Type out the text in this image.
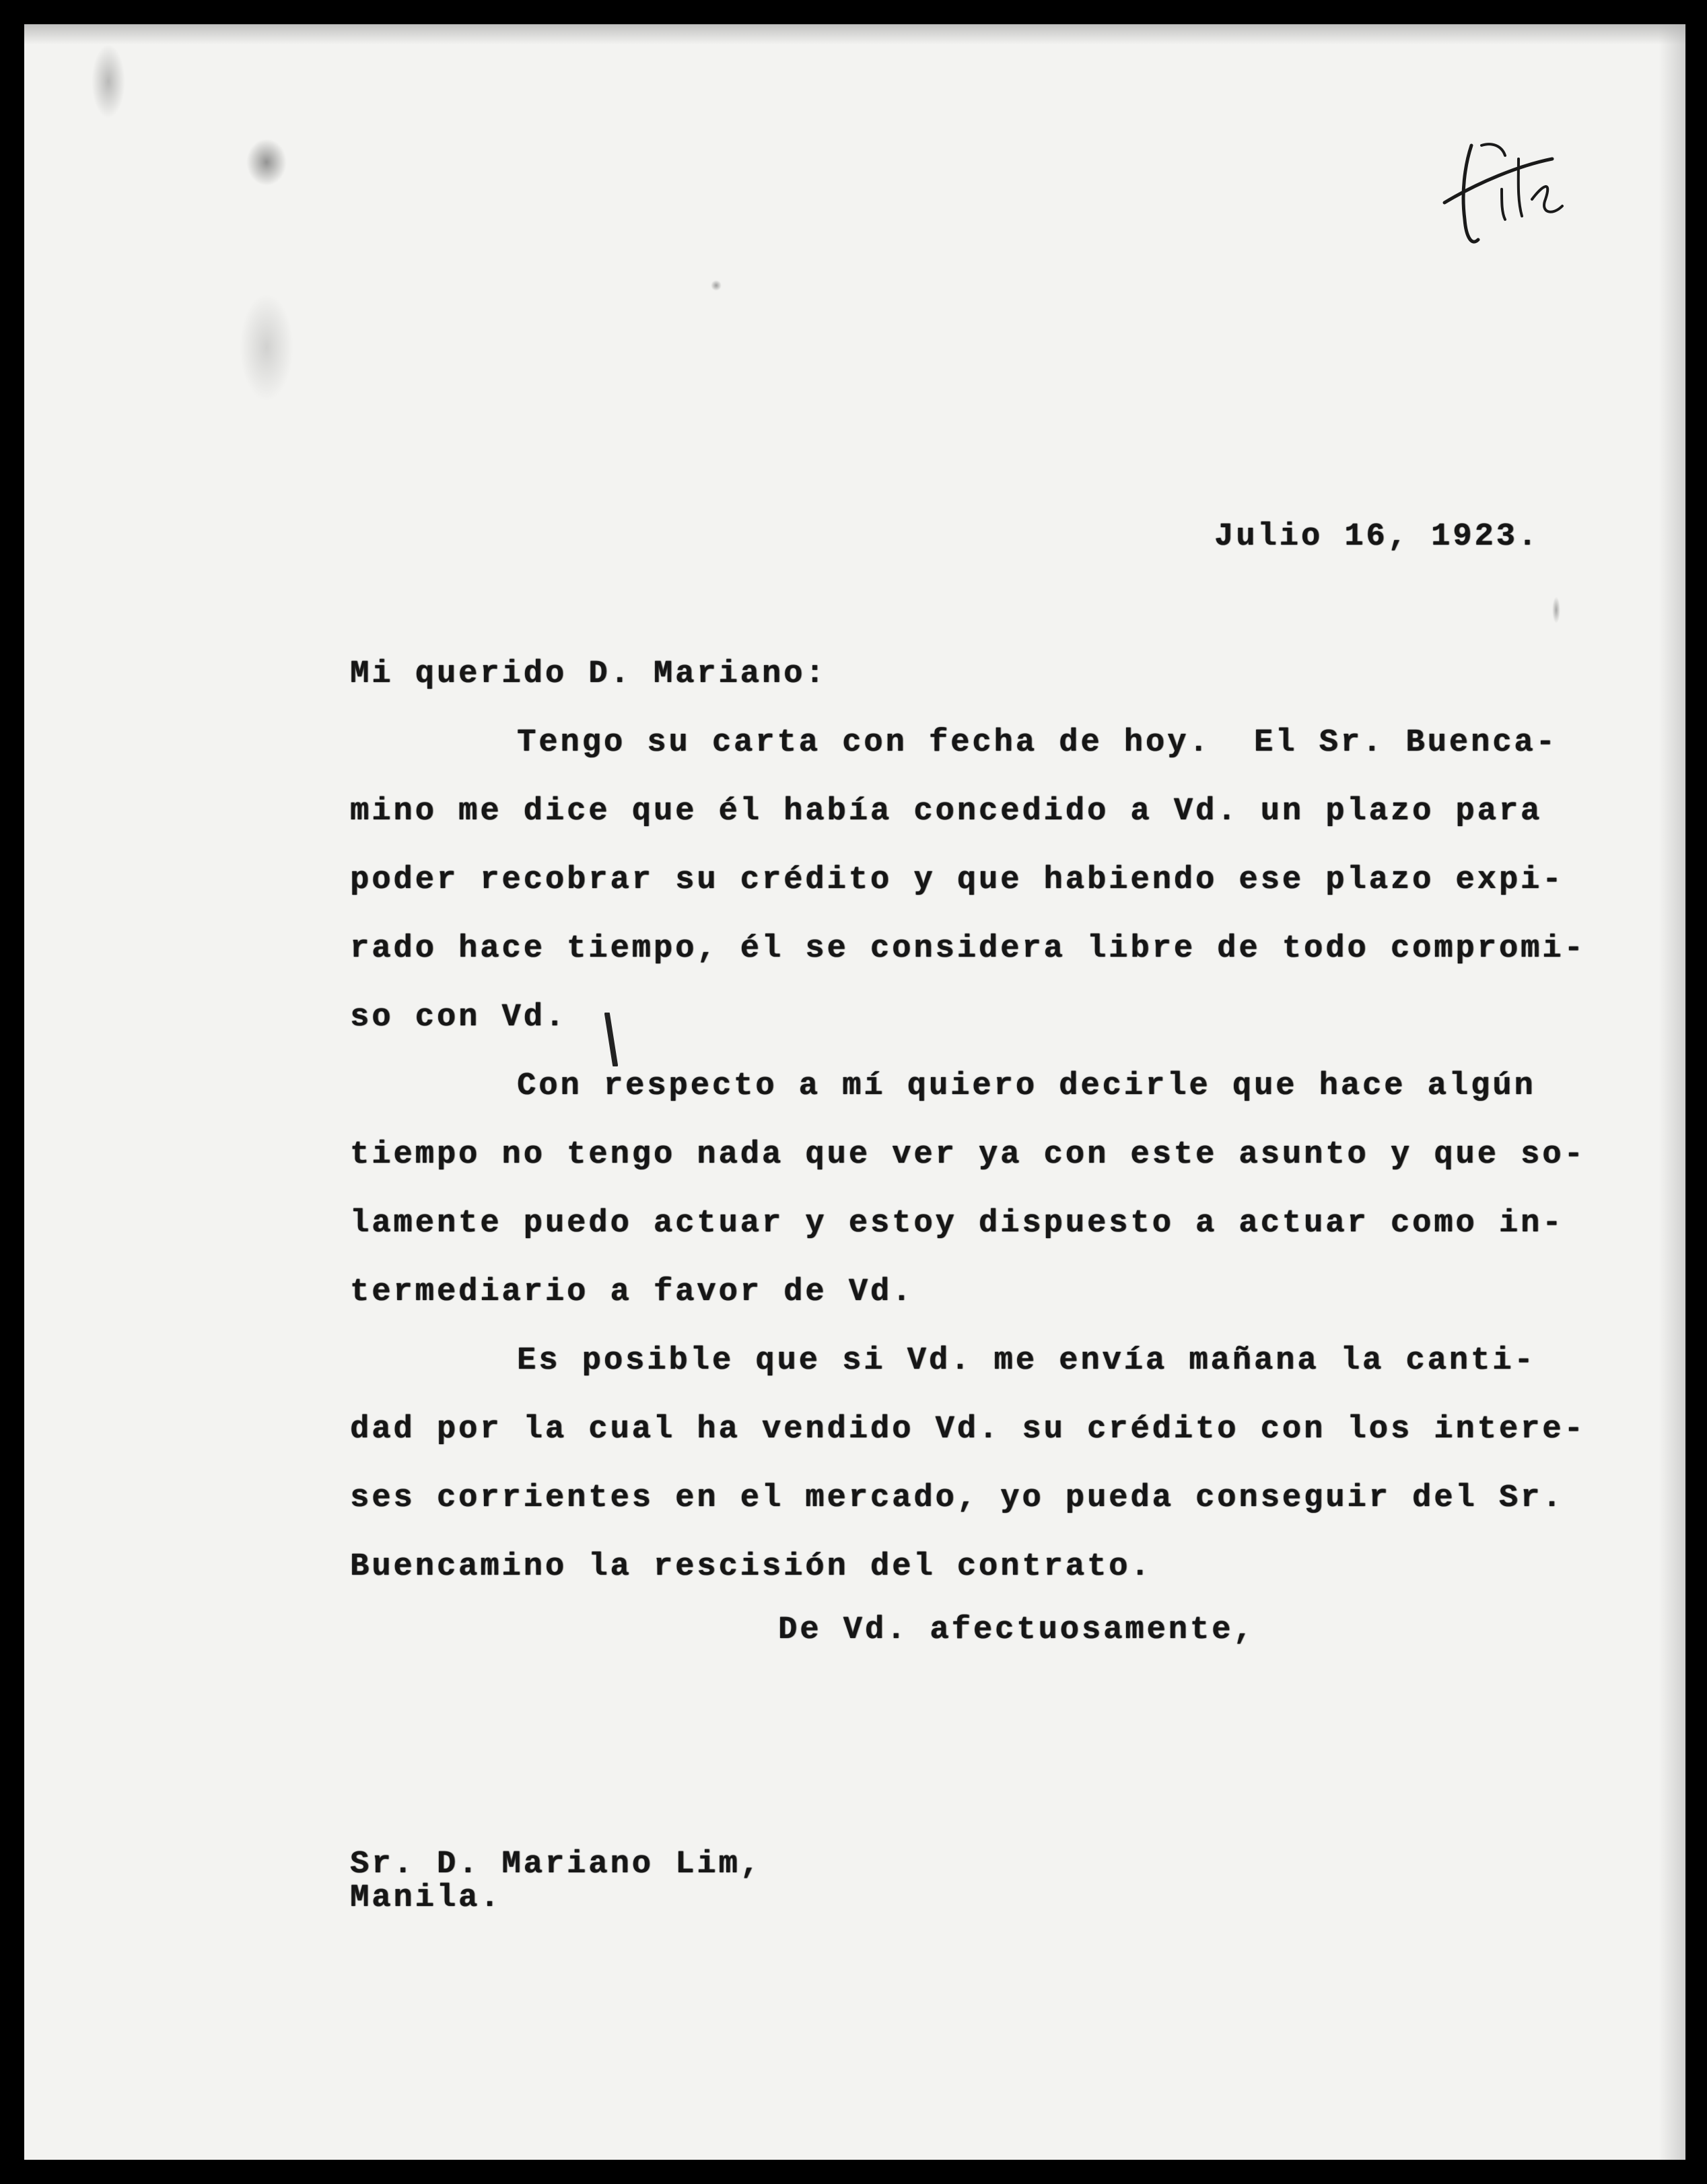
Julio 16, 1923.
Mi querido D. Mariano:
Tengo su carta con fecha de hoy.  El Sr. Buenca-
mino me dice que él había concedido a Vd. un plazo para
poder recobrar su crédito y que habiendo ese plazo expi-
rado hace tiempo, él se considera libre de todo compromi-
so con Vd.
Con respecto a mí quiero decirle que hace algún
tiempo no tengo nada que ver ya con este asunto y que so-
lamente puedo actuar y estoy dispuesto a actuar como in-
termediario a favor de Vd.
Es posible que si Vd. me envía mañana la canti-
dad por la cual ha vendido Vd. su crédito con los intere-
ses corrientes en el mercado, yo pueda conseguir del Sr.
Buencamino la rescisión del contrato.
De Vd. afectuosamente,
Sr. D. Mariano Lim,
Manila.
